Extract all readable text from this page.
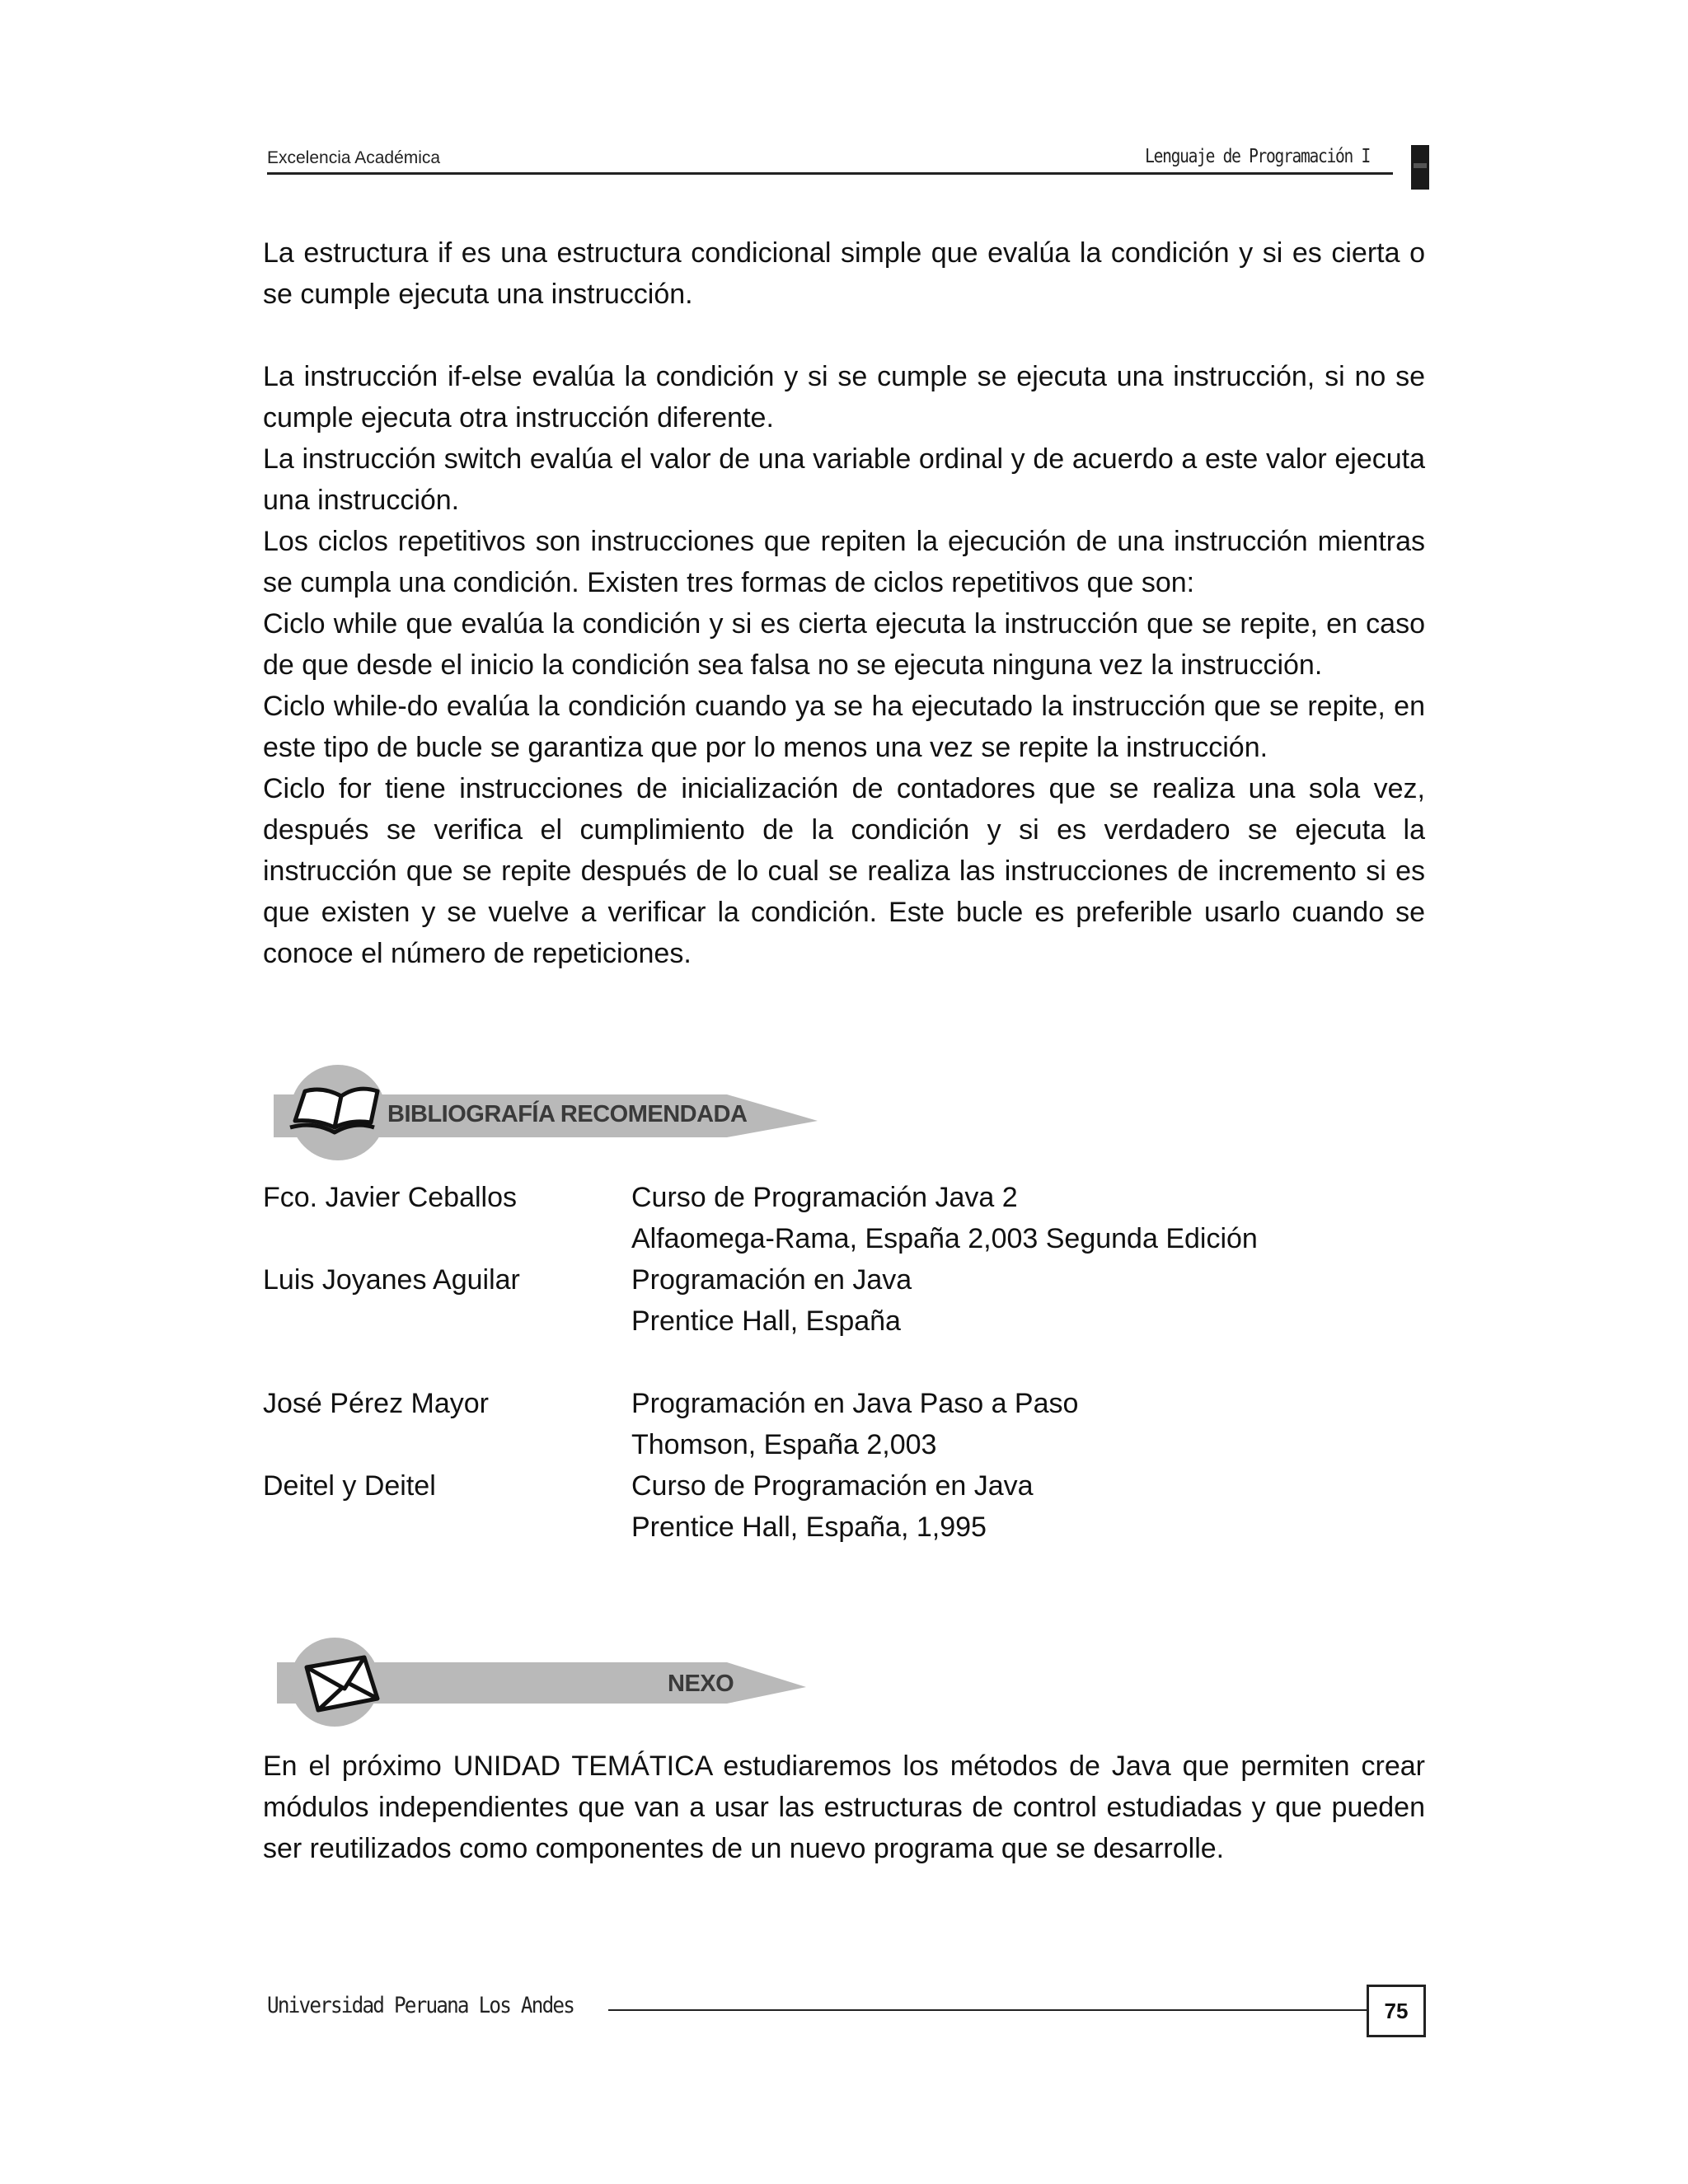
Excelencia Académica	Lenguaje de Programación I

La estructura if es una estructura condicional simple que evalúa la condición y si es cierta o se cumple ejecuta una instrucción.

La instrucción if-else evalúa la condición y si se cumple se ejecuta una instrucción, si no se cumple ejecuta otra instrucción diferente.

La instrucción switch evalúa el valor de una variable ordinal y de acuerdo a este valor ejecuta una instrucción.

Los ciclos repetitivos son instrucciones que repiten la ejecución de una instrucción mientras se cumpla una condición. Existen tres formas de ciclos repetitivos que son:

Ciclo while que evalúa la condición y si es cierta ejecuta la instrucción que se repite, en caso de que desde el inicio la condición sea falsa no se ejecuta ninguna vez la instrucción.

Ciclo while-do evalúa la condición cuando ya se ha ejecutado la instrucción que se repite, en este tipo de bucle se garantiza que por lo menos una vez se repite la instrucción.

Ciclo for tiene instrucciones de inicialización de contadores que se realiza una sola vez, después se verifica el cumplimiento de la condición y si es verdadero se ejecuta la instrucción que se repite después de lo cual se realiza las instrucciones de incremento si es que existen y se vuelve a verificar la condición. Este bucle es preferible usarlo cuando se conoce el número de repeticiones.

BIBLIOGRAFÍA RECOMENDADA
Fco. Javier Ceballos	Curso de Programación Java 2
Alfaomega-Rama, España 2,003 Segunda Edición
Luis Joyanes Aguilar	Programación en Java
Prentice Hall, España
José Pérez Mayor	Programación en Java Paso a Paso
Thomson, España 2,003
Deitel y Deitel	Curso de Programación en Java
Prentice Hall, España, 1,995
NEXO

En el próximo UNIDAD TEMÁTICA estudiaremos los métodos de Java que permiten crear módulos independientes que van a usar las estructuras de control estudiadas y que pueden ser reutilizados como componentes de un nuevo programa que se desarrolle.

Universidad Peruana Los Andes	75
